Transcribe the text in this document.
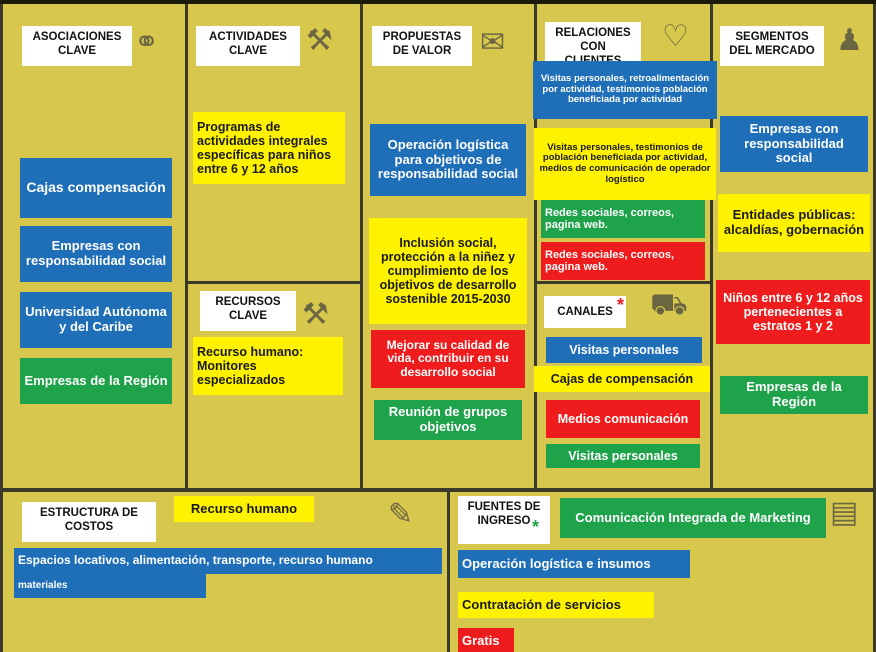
ASOCIACIONES CLAVE
ACTIVIDADES CLAVE
PROPUESTAS DE VALOR
RELACIONES CON
SEGMENTOS DEL MERCADO
RECURSOS CLAVE	CANALES
ESTRUCTURA DE COSTOS
FUENTES DE INGRESO
*
*
⚭	⚒	✉	♡	♟
⚒	⛟
✎	▤
Cajas compensación
Empresas con responsabilidad social
Universidad Autónoma y del Caribe
Empresas de la Región
Programas de actividades integrales específicas para niños entre 6 y 12 años
Recurso humano: Monitores especializados
Operación logística para objetivos de responsabilidad social
Inclusión social, protección a la niñez y cumplimiento de los objetivos de desarrollo sostenible 2015-2030
Mejorar su calidad de vida, contribuir en su desarrollo social
Reunión de grupos objetivos
Visitas personales, retroalimentación por actividad, testimonios población beneficiada por actividad
Visitas personales, testimonios de población beneficiada por actividad, medios de comunicación de operador logístico
Redes sociales, correos, pagina web.
Redes sociales, correos, pagina web.
Visitas personales
Cajas de compensación
Medios comunicación
Visitas personales
Empresas con responsabilidad social
Entidades públicas: alcaldías, gobernación
Niños entre 6 y 12 años pertenecientes a estratos 1 y 2
Empresas de la Región
Recurso humano
Espacios locativos, alimentación, transporte, recurso humano
materiales
Comunicación Integrada de Marketing
Operación logística e insumos
Contratación de servicios
Gratis
